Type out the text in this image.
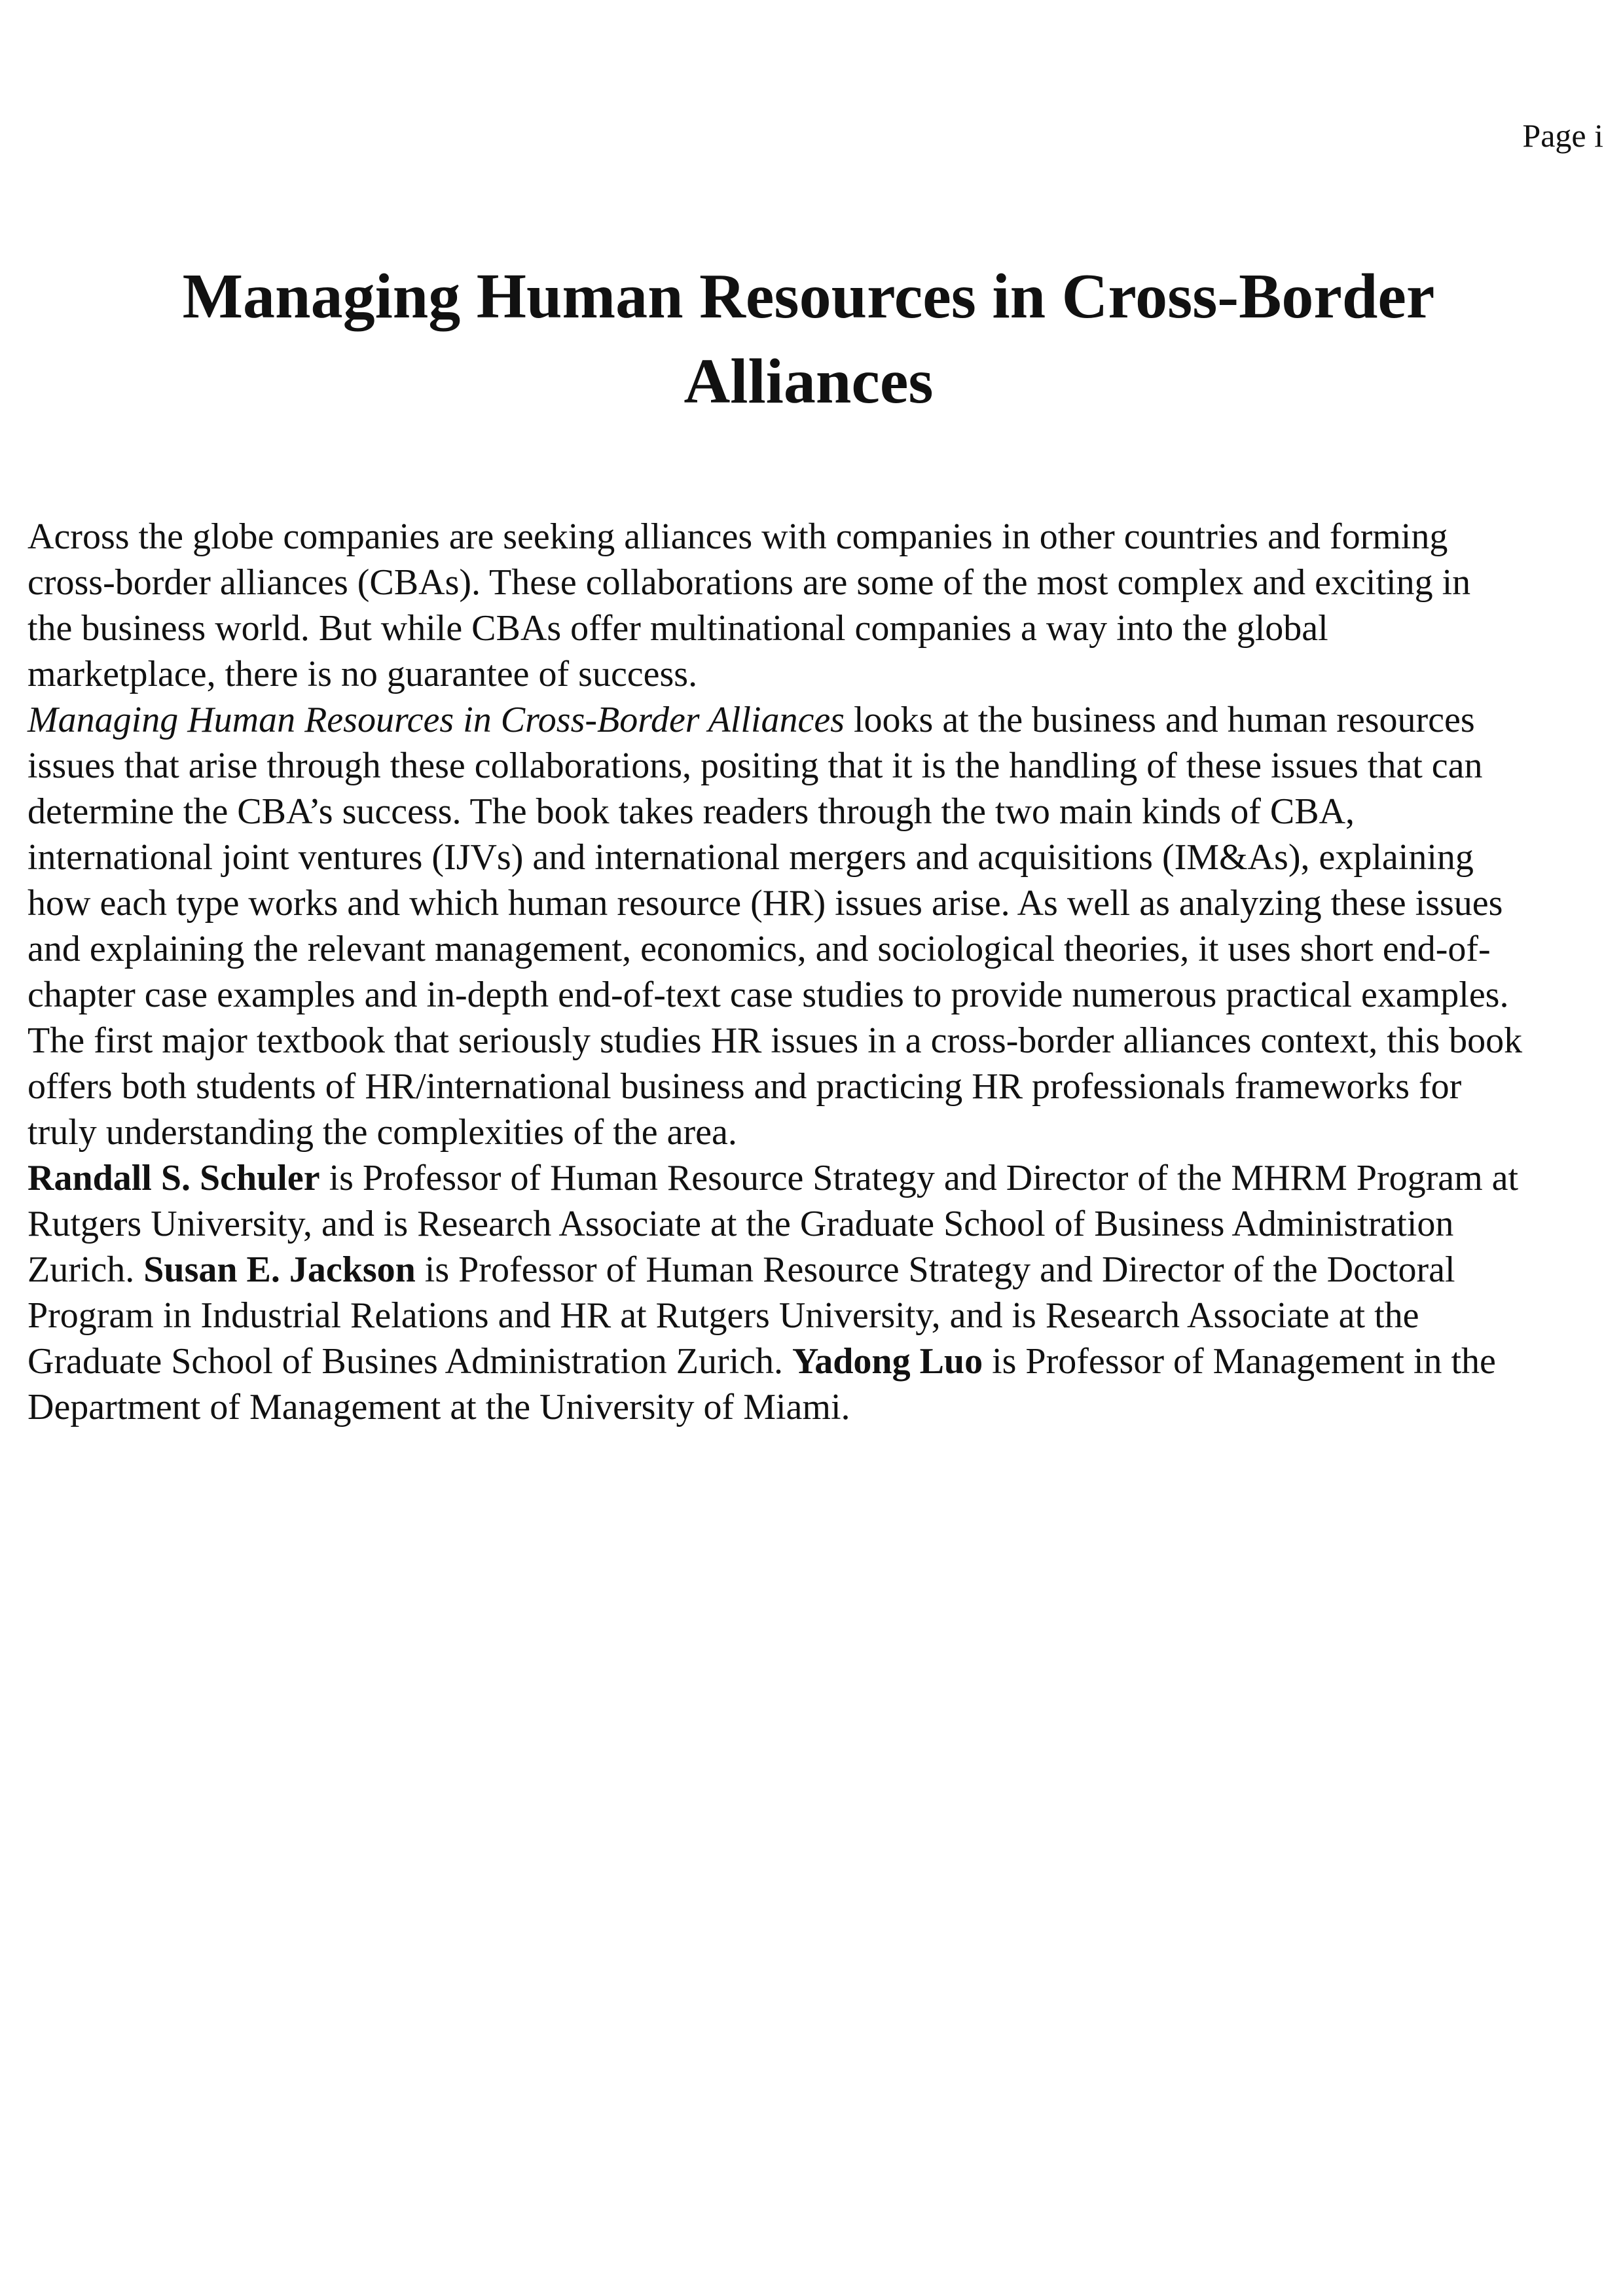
Page i
Managing Human Resources in Cross-Border
Alliances

Across the globe companies are seeking alliances with companies in other countries and forming
cross-border alliances (CBAs). These collaborations are some of the most complex and exciting in
the business world. But while CBAs offer multinational companies a way into the global
marketplace, there is no guarantee of success.

Managing Human Resources in Cross-Border Alliances looks at the business and human resources
issues that arise through these collaborations, positing that it is the handling of these issues that can
determine the CBA’s success. The book takes readers through the two main kinds of CBA,
international joint ventures (IJVs) and international mergers and acquisitions (IM&As), explaining
how each type works and which human resource (HR) issues arise. As well as analyzing these issues
and explaining the relevant management, economics, and sociological theories, it uses short end-of-
chapter case examples and in-depth end-of-text case studies to provide numerous practical examples.
The first major textbook that seriously studies HR issues in a cross-border alliances context, this book
offers both students of HR/international business and practicing HR professionals frameworks for
truly understanding the complexities of the area.

Randall S. Schuler is Professor of Human Resource Strategy and Director of the MHRM Program at
Rutgers University, and is Research Associate at the Graduate School of Business Administration
Zurich. Susan E. Jackson is Professor of Human Resource Strategy and Director of the Doctoral
Program in Industrial Relations and HR at Rutgers University, and is Research Associate at the
Graduate School of Busines Administration Zurich. Yadong Luo is Professor of Management in the
Department of Management at the University of Miami.
